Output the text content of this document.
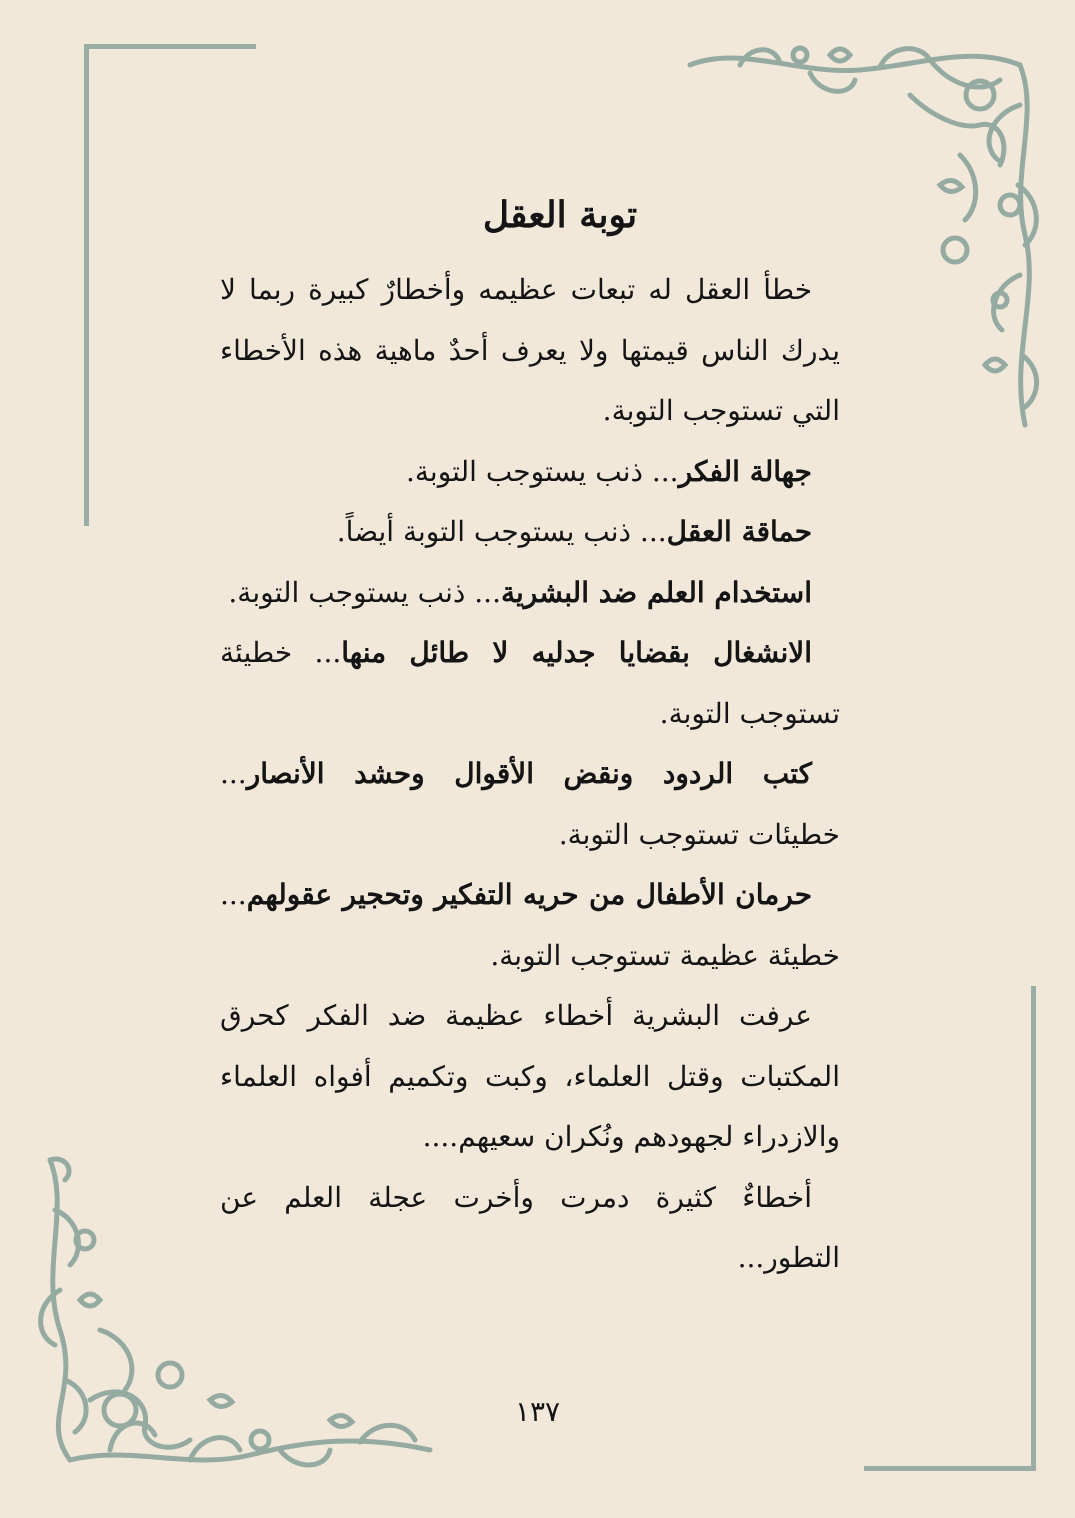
توبة العقل

خطأ العقل له تبعات عظيمه وأخطارٌ كبيرة ربما لا يدرك الناس قيمتها ولا يعرف أحدٌ ماهية هذه الأخطاء التي تستوجب التوبة.

جهالة الفكر... ذنب يستوجب التوبة.

حماقة العقل... ذنب يستوجب التوبة أيضاً.

استخدام العلم ضد البشرية... ذنب يستوجب التوبة.

الانشغال بقضايا جدليه لا طائل منها... خطيئة تستوجب التوبة.

كتب الردود ونقض الأقوال وحشد الأنصار... خطيئات تستوجب التوبة.

حرمان الأطفال من حريه التفكير وتحجير عقولهم... خطيئة عظيمة تستوجب التوبة.

عرفت البشرية أخطاء عظيمة ضد الفكر كحرق المكتبات وقتل العلماء، وكبت وتكميم أفواه العلماء والازدراء لجهودهم ونُكران سعيهم....

أخطاءٌ كثيرة دمرت وأخرت عجلة العلم عن التطور...

١٣٧
